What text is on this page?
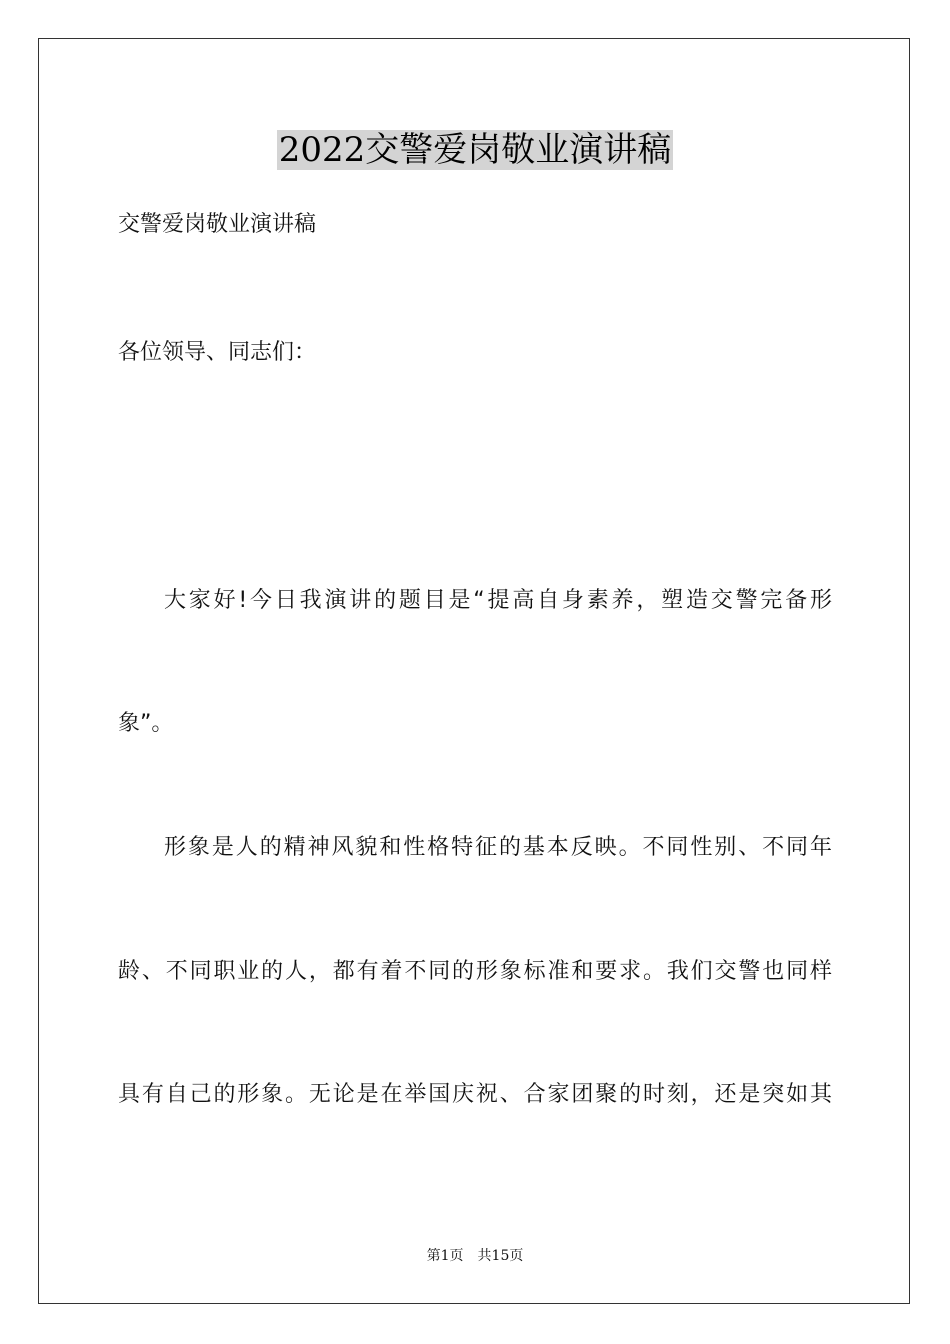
2022交警爱岗敬业演讲稿
交警爱岗敬业演讲稿
各位领导、同志们：
大家好!今日我演讲的题目是“提高自身素养，塑造交警完备形
象”。
形象是人的精神风貌和性格特征的基本反映。不同性别、不同年
龄、不同职业的人，都有着不同的形象标准和要求。我们交警也同样
具有自己的形象。无论是在举国庆祝、合家团聚的时刻，还是突如其
第1页 共15页
